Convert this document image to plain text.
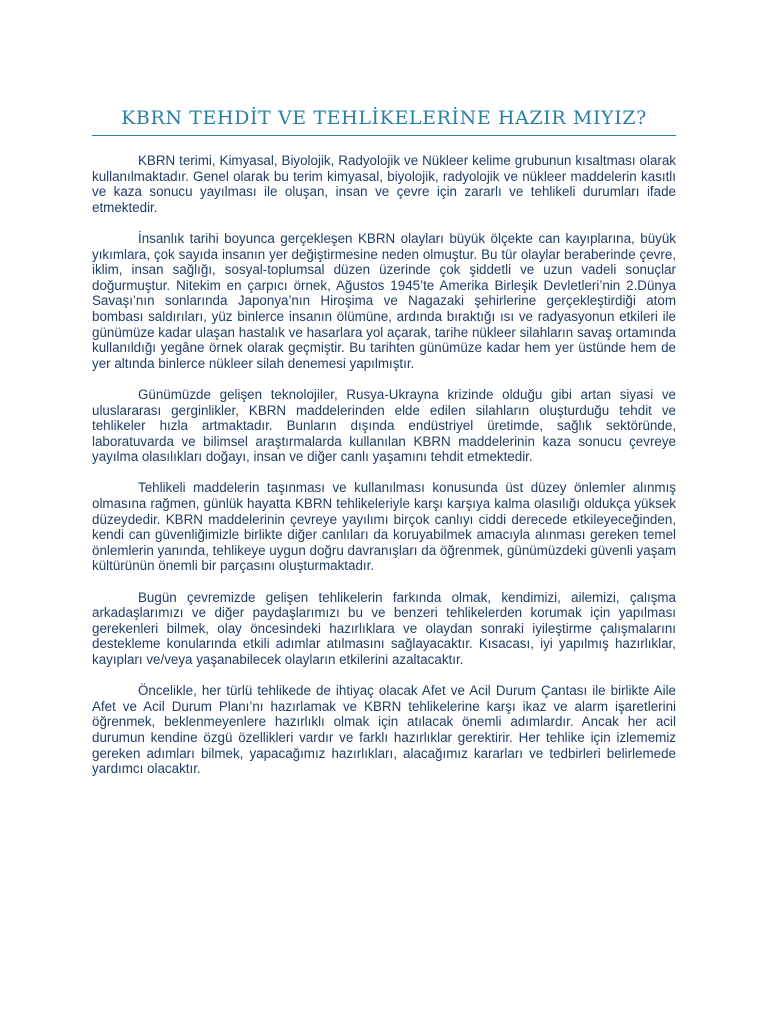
KBRN TEHDİT VE TEHLİKELERİNE HAZIR MIYIZ?

KBRN terimi, Kimyasal, Biyolojik, Radyolojik ve Nükleer kelime grubunun kısaltması olarak kullanılmaktadır. Genel olarak bu terim kimyasal, biyolojik, radyolojik ve nükleer maddelerin kasıtlı ve kaza sonucu yayılması ile oluşan, insan ve çevre için zararlı ve tehlikeli durumları ifade etmektedir.

İnsanlık tarihi boyunca gerçekleşen KBRN olayları büyük ölçekte can kayıplarına, büyük yıkımlara, çok sayıda insanın yer değiştirmesine neden olmuştur. Bu tür olaylar beraberinde çevre, iklim, insan sağlığı, sosyal-toplumsal düzen üzerinde çok şiddetli ve uzun vadeli sonuçlar doğurmuştur. Nitekim en çarpıcı örnek, Ağustos 1945’te Amerika Birleşik Devletleri’nin 2.Dünya Savaşı’nın sonlarında Japonya’nın Hiroşima ve Nagazaki şehirlerine gerçekleştirdiği atom bombası saldırıları, yüz binlerce insanın ölümüne, ardında bıraktığı ısı ve radyasyonun etkileri ile günümüze kadar ulaşan hastalık ve hasarlara yol açarak, tarihe nükleer silahların savaş ortamında kullanıldığı yegâne örnek olarak geçmiştir. Bu tarihten günümüze kadar hem yer üstünde hem de yer altında binlerce nükleer silah denemesi yapılmıştır.

Günümüzde gelişen teknolojiler, Rusya-Ukrayna krizinde olduğu gibi artan siyasi ve uluslararası gerginlikler, KBRN maddelerinden elde edilen silahların oluşturduğu tehdit ve tehlikeler hızla artmaktadır. Bunların dışında endüstriyel üretimde, sağlık sektöründe, laboratuvarda ve bilimsel araştırmalarda kullanılan KBRN maddelerinin kaza sonucu çevreye yayılma olasılıkları doğayı, insan ve diğer canlı yaşamını tehdit etmektedir.

Tehlikeli maddelerin taşınması ve kullanılması konusunda üst düzey önlemler alınmış olmasına rağmen, günlük hayatta KBRN tehlikeleriyle karşı karşıya kalma olasılığı oldukça yüksek düzeydedir. KBRN maddelerinin çevreye yayılımı birçok canlıyı ciddi derecede etkileyeceğinden, kendi can güvenliğimizle birlikte diğer canlıları da koruyabilmek amacıyla alınması gereken temel önlemlerin yanında, tehlikeye uygun doğru davranışları da öğrenmek, günümüzdeki güvenli yaşam kültürünün önemli bir parçasını oluşturmaktadır.

Bugün çevremizde gelişen tehlikelerin farkında olmak, kendimizi, ailemizi, çalışma arkadaşlarımızı ve diğer paydaşlarımızı bu ve benzeri tehlikelerden korumak için yapılması gerekenleri bilmek, olay öncesindeki hazırlıklara ve olaydan sonraki iyileştirme çalışmalarını destekleme konularında etkili adımlar atılmasını sağlayacaktır. Kısacası, iyi yapılmış hazırlıklar, kayıpları ve/veya yaşanabilecek olayların etkilerini azaltacaktır.

Öncelikle, her türlü tehlikede de ihtiyaç olacak Afet ve Acil Durum Çantası ile birlikte Aile Afet ve Acil Durum Planı’nı hazırlamak ve KBRN tehlikelerine karşı ikaz ve alarm işaretlerini öğrenmek, beklenmeyenlere hazırlıklı olmak için atılacak önemli adımlardır. Ancak her acil durumun kendine özgü özellikleri vardır ve farklı hazırlıklar gerektirir. Her tehlike için izlememiz gereken adımları bilmek, yapacağımız hazırlıkları, alacağımız kararları ve tedbirleri belirlemede yardımcı olacaktır.
